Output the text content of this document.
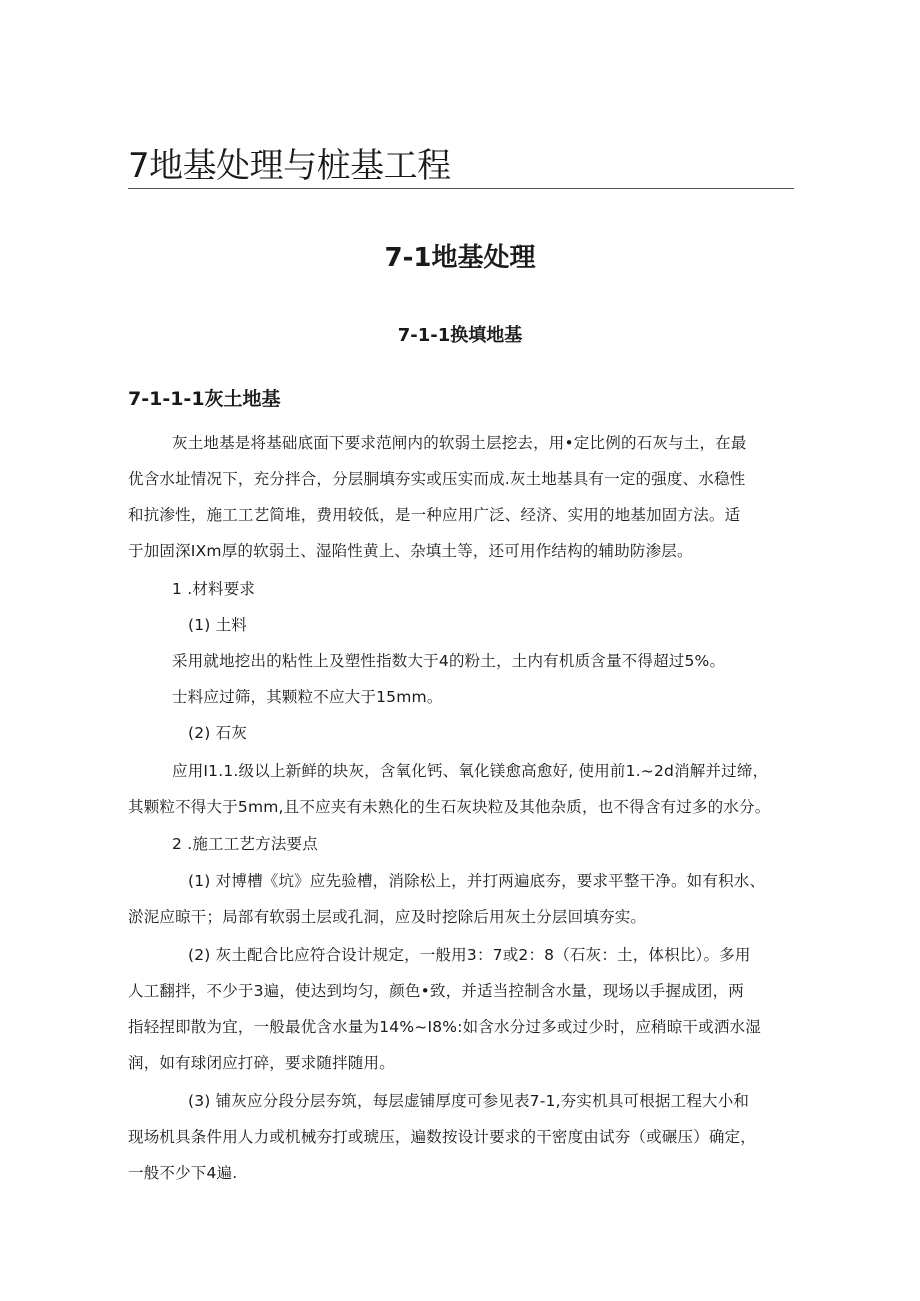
7地基处理与桩基工程
7-1地基处理
7-1-1换填地基
7-1-1-1灰土地基
灰土地基是将基础底面下要求范闸内的软弱土层挖去，用•定比例的石灰与土，在最
优含水址情况下，充分拌合，分层胴填夯实或压实而成.灰土地基具有一定的强度、水稳性
和抗渗性，施工工艺简堆，费用较低，是一种应用广泛、经济、实用的地基加固方法。适
于加固深IXm厚的软弱土、湿陷性黄上、杂填土等，还可用作结构的辅助防渗层。
1 .材料要求
(1) 土料
采用就地挖出的粘性上及塑性指数大于4的粉土，土内有机质含量不得超过5%。
士料应过筛，其颗粒不应大于15mm。
(2) 石灰
应用I1.1.级以上新鲜的块灰，含氧化钙、氧化镁愈高愈好, 使用前1.~2d消解并过缔，
其颗粒不得大于5mm,且不应夹有未熟化的生石灰块粒及其他杂质，也不得含有过多的水分。
2 .施工工艺方法要点
(1) 对博槽《坑》应先验槽，消除松上，并打两遍底夯，要求平整干净。如有积水、
淤泥应晾干；局部有软弱土层或孔洞，应及时挖除后用灰土分层回填夯实。
(2) 灰土配合比应符合设计规定，一般用3：7或2：8（石灰：土，体枳比）。多用
人工翻拌，不少于3遍，使达到均匀，颜色•致，并适当控制含水量，现场以手握成团，两
指轻捏即散为宜，一般最优含水量为14%~I8%:如含水分过多或过少时，应稍晾干或洒水湿
润，如有球闭应打碎，要求随拌随用。
(3) 铺灰应分段分层夯筑，每层虚铺厚度可参见表7-1,夯实机具可根据工程大小和
现场机具条件用人力或机械夯打或琥压，遍数按设计要求的干密度由试夯（或碾压）确定，
一般不少下4遍.
